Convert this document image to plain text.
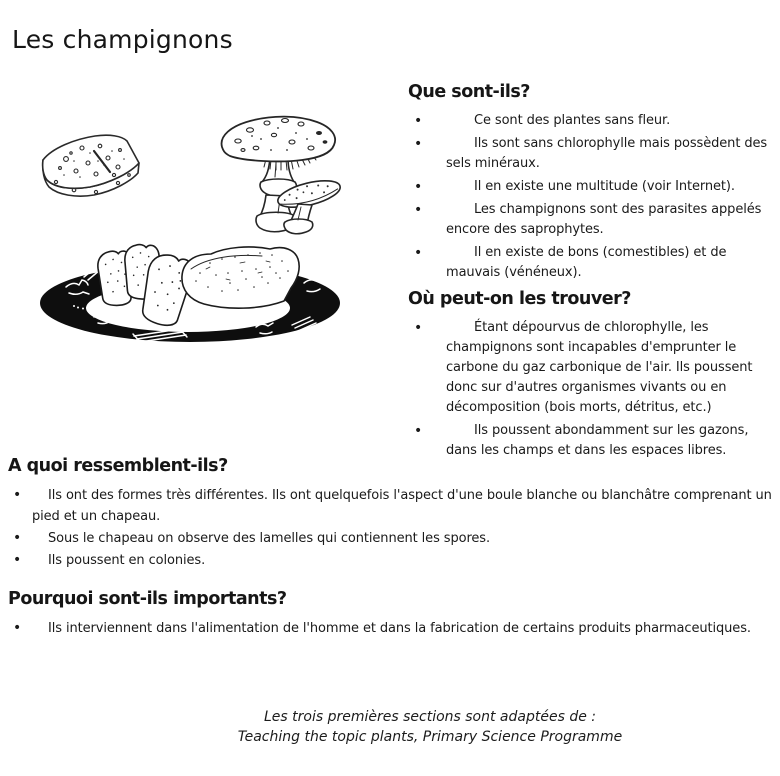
Les champignons
Que sont-ils?
•	Ce sont des plantes sans fleur.
•	Ils sont sans chlorophylle mais possèdent des sels minéraux.
•	Il en existe une multitude (voir Internet).
•	Les champignons sont des parasites appelés encore des saprophytes.
•	Il en existe de bons (comestibles) et de mauvais (vénéneux).
Où peut-on les trouver?
•	Étant dépourvus de chlorophylle, les champignons sont incapables d'emprunter le carbone du gaz carbonique de l'air. Ils poussent donc sur d'autres organismes vivants ou en décomposition (bois morts, détritus, etc.)
•	Ils poussent abondamment sur les gazons, dans les champs et dans les espaces libres.
A quoi ressemblent-ils?
• Ils ont des formes très différentes. Ils ont quelquefois l'aspect d'une boule blanche ou blanchâtre comprenant un pied et un chapeau.
• Sous le chapeau on observe des lamelles qui contiennent les spores.
• Ils poussent en colonies.
Pourquoi sont-ils importants?
• Ils interviennent dans l'alimentation de l'homme et dans la fabrication de certains produits pharmaceutiques.
Les trois premières sections sont adaptées de :
Teaching the topic plants, Primary Science Programme
